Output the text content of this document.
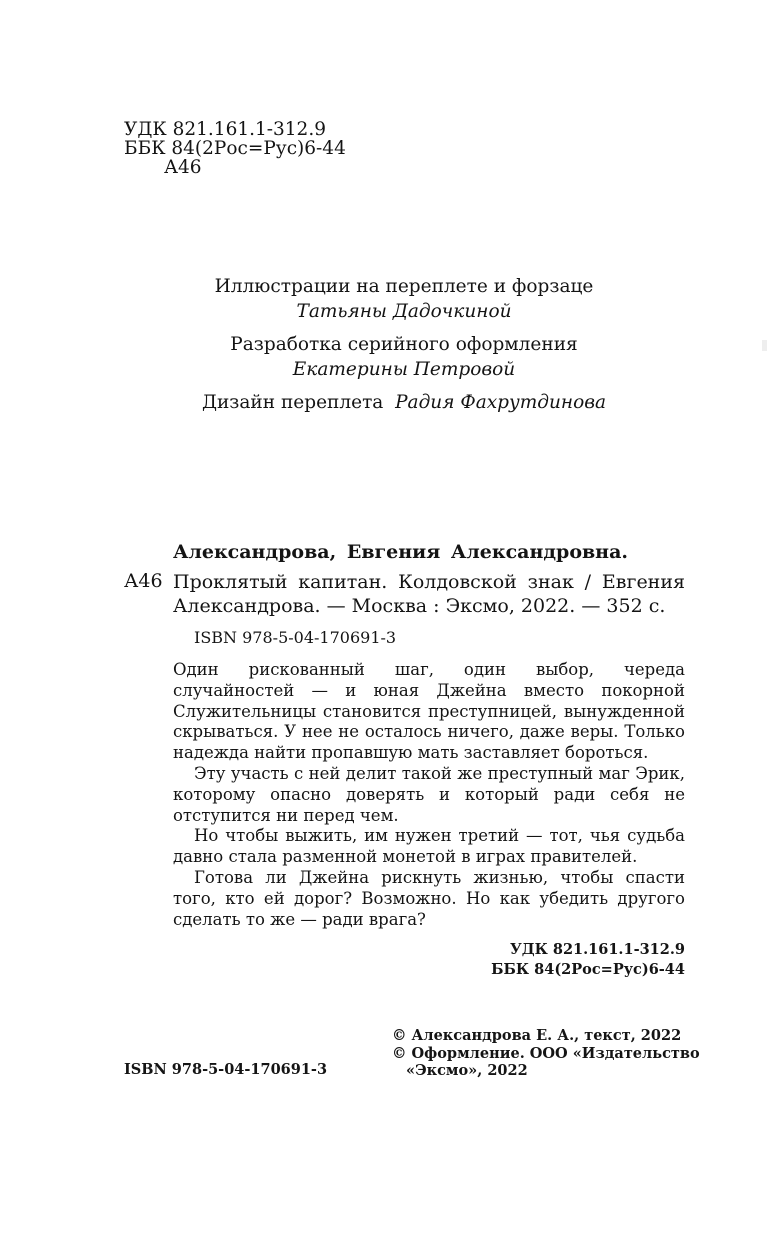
УДК 821.161.1-312.9
ББК 84(2Рос=Рус)6-44
А46
Иллюстрации на переплете и форзаце
Татьяны Дадочкиной
Разработка серийного оформления
Екатерины Петровой
Дизайн переплета Радия Фахрутдинова
Александрова, Евгения Александровна.
А46 Проклятый капитан. Колдовской знак / Евгения
Александрова. — Москва : Эксмо, 2022. — 352 с.
ISBN 978-5-04-170691-3

Один рискованный шаг, один выбор, череда случайностей — и юная Джейна вместо покорной Служительницы становится преступницей, вынужденной скрываться. У нее не осталось ничего, даже веры. Только надежда найти пропавшую мать заставляет бороться.

Эту участь с ней делит такой же преступный маг Эрик, которому опасно доверять и который ради себя не отступится ни перед чем.

Но чтобы выжить, им нужен третий — тот, чья судьба давно стала разменной монетой в играх правителей.

Готова ли Джейна рискнуть жизнью, чтобы спасти того, кто ей дорог? Возможно. Но как убедить другого сделать то же — ради врага?

УДК 821.161.1-312.9
ББК 84(2Рос=Рус)6-44
© Александрова Е. А., текст, 2022
© Оформление. ООО «Издательство
«Эксмо», 2022
ISBN 978-5-04-170691-3
